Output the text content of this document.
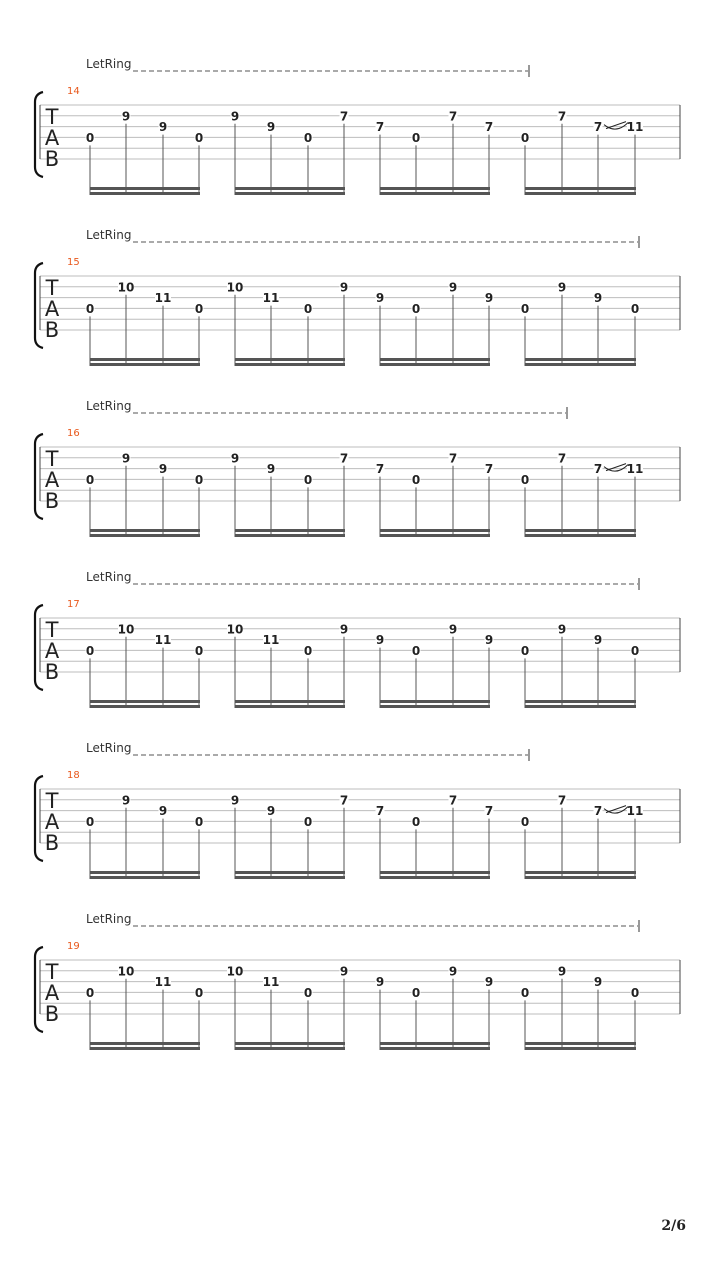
LetRing
14
T
A
B
0
9
9
0
9
9
0
7
7
0
7
7
0
7
7 11
LetRing
15
T
A
B
0
10
11
0
10
11
0
9
9
0
9
9
0
9
9
0
LetRing
16
T
A
B
0
9
9
0
9
9
0
7
7
0
7
7
0
7
7 11
LetRing
17
T
A
B
0
10
11
0
10
11
0
9
9
0
9
9
0
9
9
0
LetRing
18
T
A
B
0
9
9
0
9
9
0
7
7
0
7
7
0
7
7 11
LetRing
19
T
A
B
0
10
11
0
10
11
0
9
9
0
9
9
0
9
9
0
2/6
